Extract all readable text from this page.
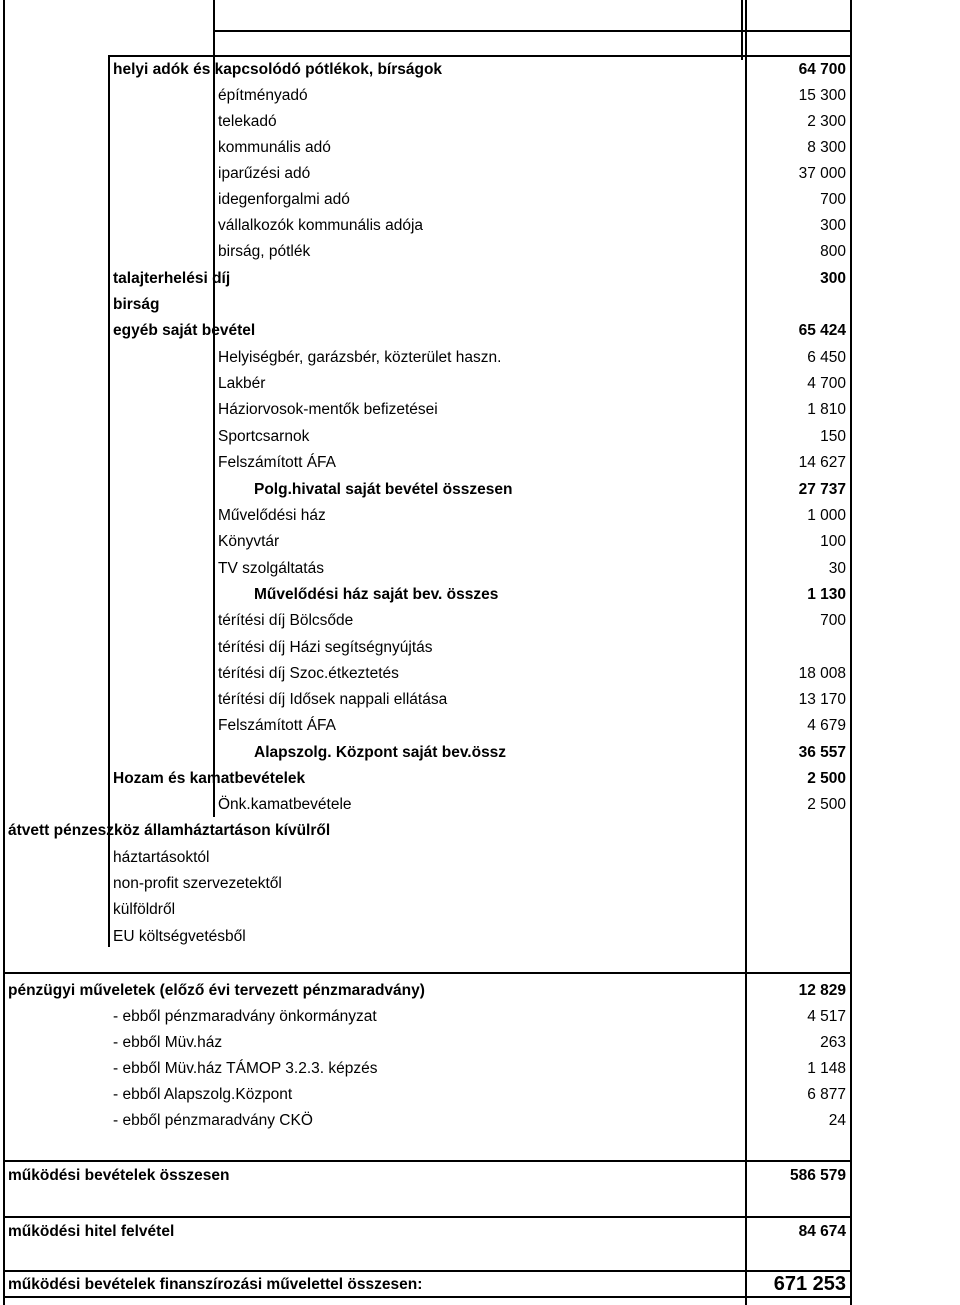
helyi adók és kapcsolódó pótlékok, bírságok	64 700
építményadó	15 300
telekadó	2 300
kommunális adó	8 300
iparűzési adó	37 000
idegenforgalmi adó	700
vállalkozók kommunális adója	300
birság, pótlék	800
talajterhelési díj	300
birság
egyéb saját bevétel	65 424
Helyiségbér, garázsbér, közterület haszn.	6 450
Lakbér	4 700
Háziorvosok-mentők befizetései	1 810
Sportcsarnok	150
Felszámított ÁFA	14 627
Polg.hivatal saját bevétel összesen	27 737
Művelődési ház	1 000
Könyvtár	100
TV szolgáltatás	30
Művelődési ház saját bev. összes	1 130
térítési díj Bölcsőde	700
térítési díj Házi segítségnyújtás
térítési díj Szoc.étkeztetés	18 008
térítési díj Idősek nappali ellátása	13 170
Felszámított ÁFA	4 679
Alapszolg. Központ saját bev.össz	36 557
Hozam és kamatbevételek	2 500
Önk.kamatbevétele	2 500
átvett pénzeszköz államháztartáson kívülről
háztartásoktól
non-profit szervezetektől
külföldről
EU költségvetésből
pénzügyi műveletek (előző évi tervezett pénzmaradvány)	12 829
- ebből pénzmaradvány önkormányzat	4 517
- ebből Müv.ház	263
- ebből Müv.ház TÁMOP 3.2.3. képzés	1 148
- ebből Alapszolg.Központ	6 877
- ebből pénzmaradvány CKÖ	24
működési bevételek összesen	586 579
működési hitel felvétel	84 674
működési bevételek finanszírozási művelettel összesen:	671 253
